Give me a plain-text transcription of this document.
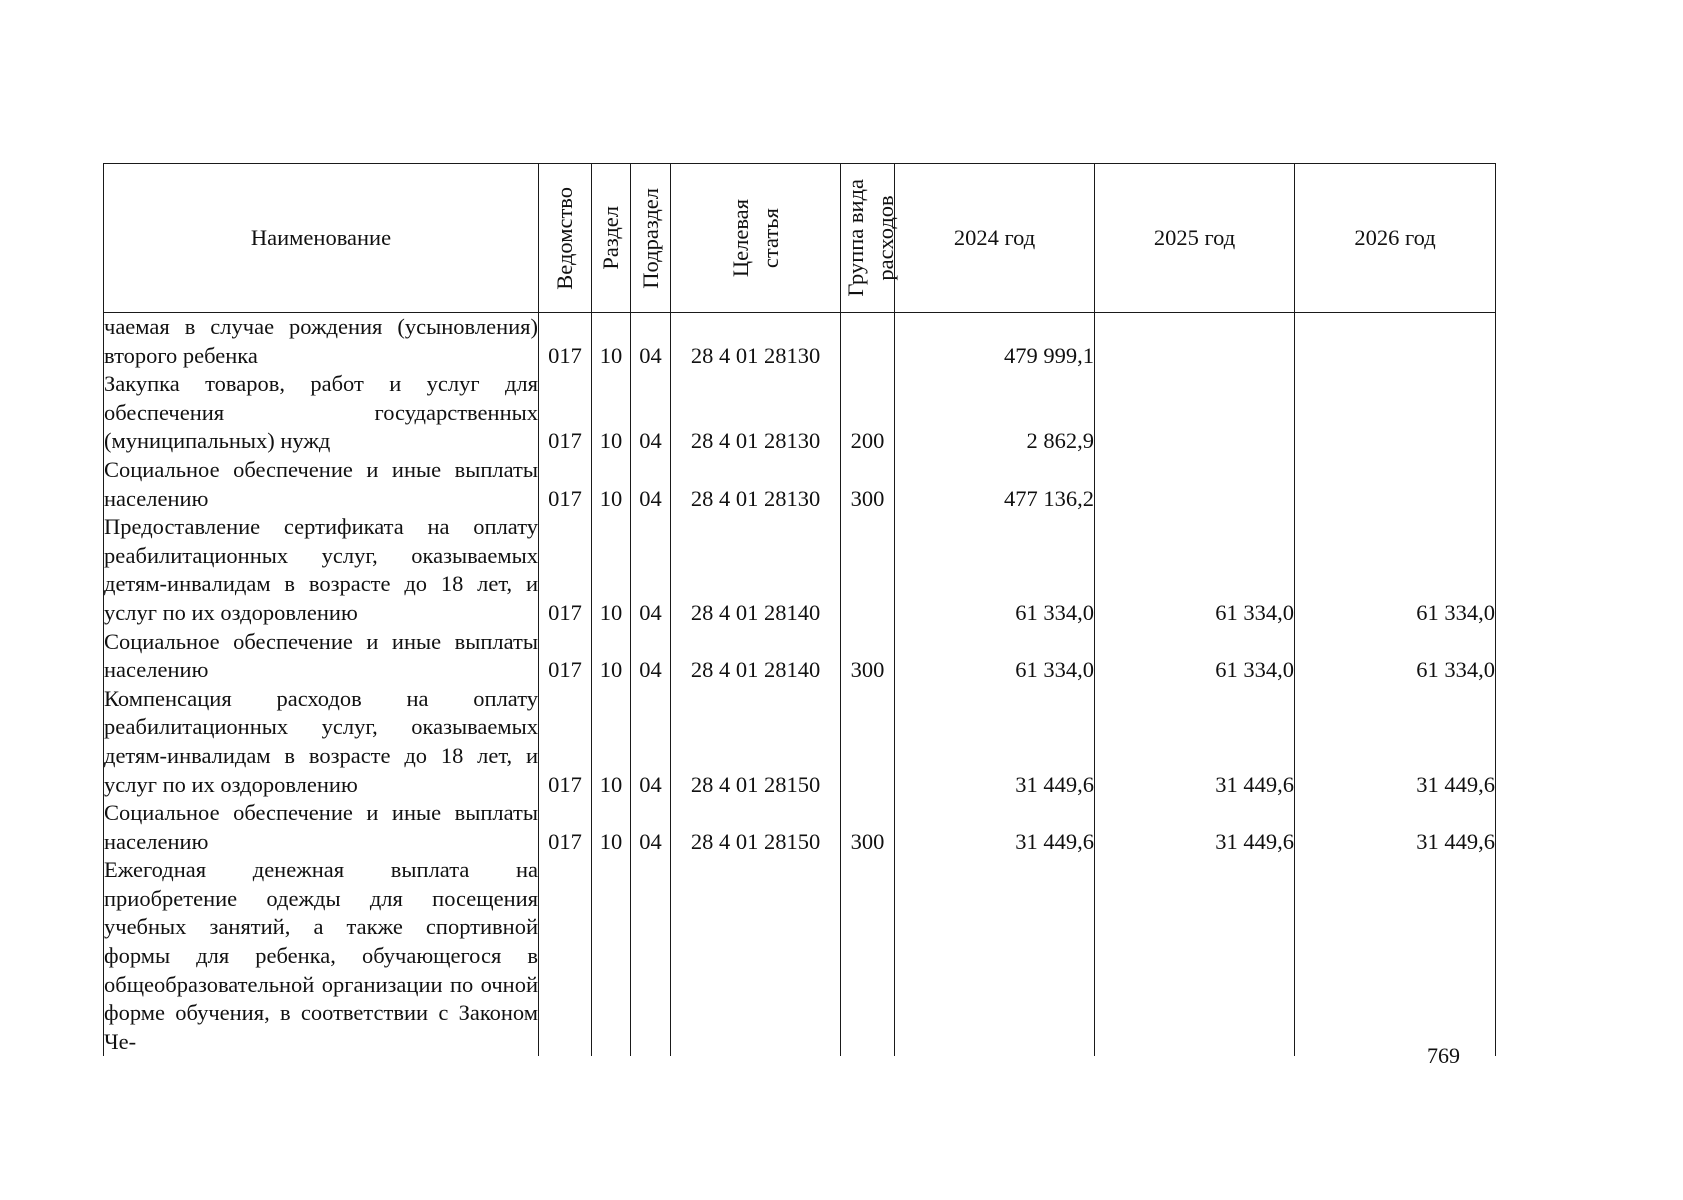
Наименование	Ведомство	Раздел	Подраздел	Целевая статья	Группа вида расходов	2024 год	2025 год	2026 год
чаемая в случае рождения (усыновления) второго ребенка	017	10	04	28 4 01 28130		479 999,1		
Закупка товаров, работ и услуг для обеспечения государственных (муниципальных) нужд	017	10	04	28 4 01 28130	200	2 862,9		
Социальное обеспечение и иные выплаты населению	017	10	04	28 4 01 28130	300	477 136,2		
Предоставление сертификата на оплату реабилитационных услуг, оказываемых детям-инвалидам в возрасте до 18 лет, и услуг по их оздоровлению	017	10	04	28 4 01 28140		61 334,0	61 334,0	61 334,0
Социальное обеспечение и иные выплаты населению	017	10	04	28 4 01 28140	300	61 334,0	61 334,0	61 334,0
Компенсация расходов на оплату реабилитационных услуг, оказываемых детям-инвалидам в возрасте до 18 лет, и услуг по их оздоровлению	017	10	04	28 4 01 28150		31 449,6	31 449,6	31 449,6
Социальное обеспечение и иные выплаты населению	017	10	04	28 4 01 28150	300	31 449,6	31 449,6	31 449,6
Ежегодная денежная выплата на приобретение одежды для посещения учебных занятий, а также спортивной формы для ребенка, обучающегося в общеобразовательной организации по очной форме обучения, в соответствии с Законом Че-								
769
